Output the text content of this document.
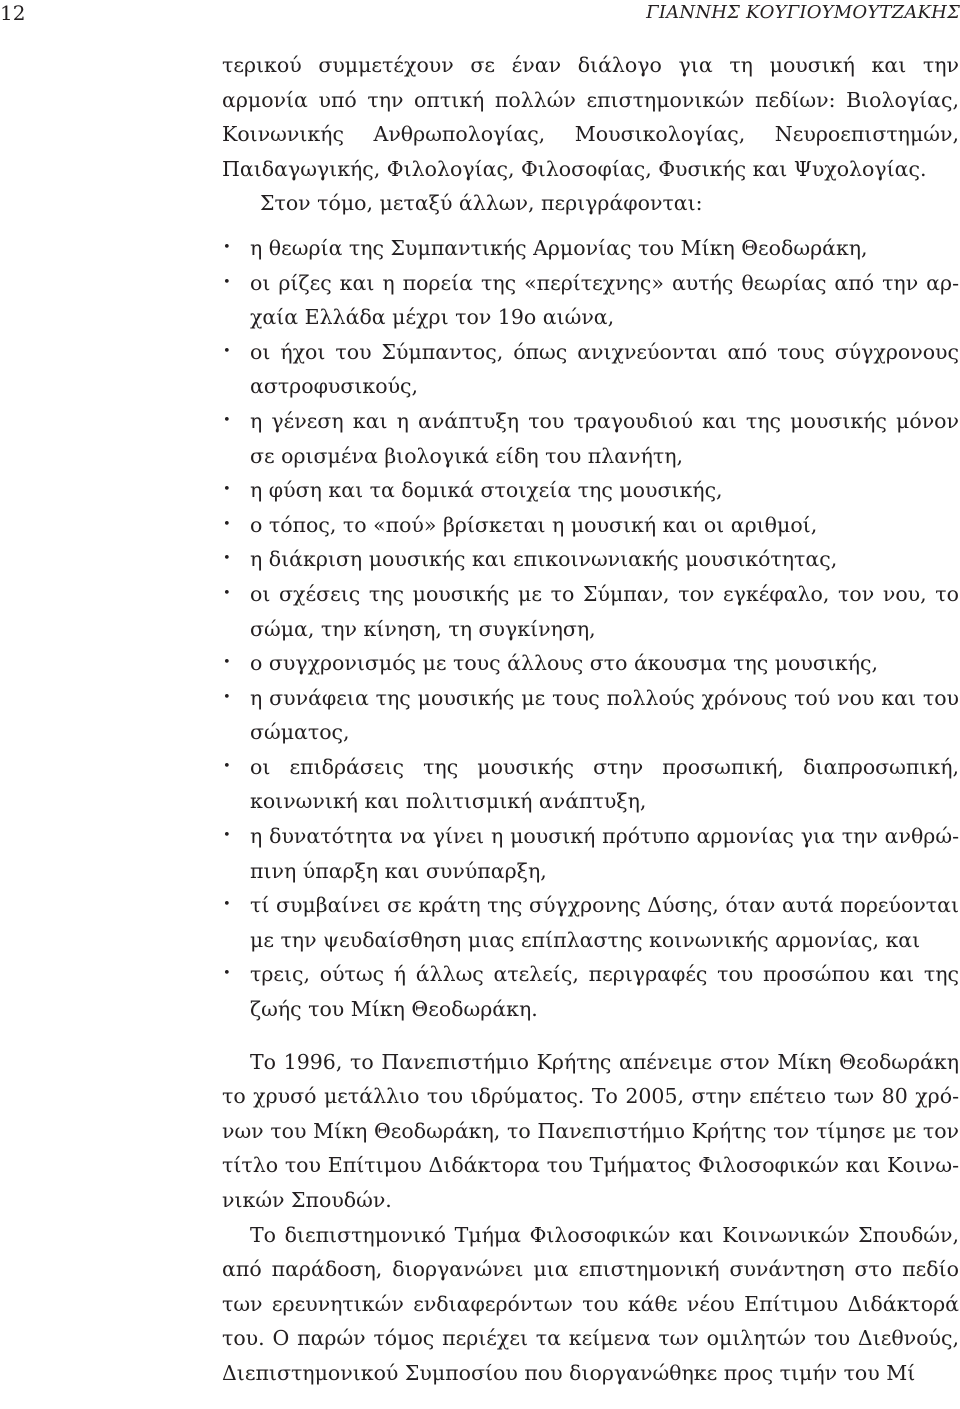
12	ΓΙΑΝΝΗΣ ΚΟΥΓΙΟΥΜΟΥΤΖΑΚΗΣ

τερικού συμμετέχουν σε έναν διάλογο για τη μουσική και την αρμονία υπό την οπτική πολλών επιστημονικών πεδίων: Βιολογίας, Κοινωνικής Ανθρωπολογίας, Μουσικολογίας, Νευροεπιστημών, Παιδαγωγικής, Φιλολογίας, Φιλοσοφίας, Φυσικής και Ψυχολογίας.
Στον τόμο, μεταξύ άλλων, περιγράφονται:

• η θεωρία της Συμπαντικής Αρμονίας του Μίκη Θεοδωράκη,
• οι ρίζες και η πορεία της «περίτεχνης» αυτής θεωρίας από την αρχαία Ελλάδα μέχρι τον 19ο αιώνα,
• οι ήχοι του Σύμπαντος, όπως ανιχνεύονται από τους σύγχρονους αστροφυσικούς,
• η γένεση και η ανάπτυξη του τραγουδιού και της μουσικής μόνον σε ορισμένα βιολογικά είδη του πλανήτη,
• η φύση και τα δομικά στοιχεία της μουσικής,
• ο τόπος, το «πού» βρίσκεται η μουσική και οι αριθμοί,
• η διάκριση μουσικής και επικοινωνιακής μουσικότητας,
• οι σχέσεις της μουσικής με το Σύμπαν, τον εγκέφαλο, τον νου, το σώμα, την κίνηση, τη συγκίνηση,
• ο συγχρονισμός με τους άλλους στο άκουσμα της μουσικής,
• η συνάφεια της μουσικής με τους πολλούς χρόνους τού νου και του σώματος,
• οι επιδράσεις της μουσικής στην προσωπική, διαπροσωπική, κοινωνική και πολιτισμική ανάπτυξη,
• η δυνατότητα να γίνει η μουσική πρότυπο αρμονίας για την ανθρώπινη ύπαρξη και συνύπαρξη,
• τί συμβαίνει σε κράτη της σύγχρονης Δύσης, όταν αυτά πορεύονται με την ψευδαίσθηση μιας επίπλαστης κοινωνικής αρμονίας, και
• τρεις, ούτως ή άλλως ατελείς, περιγραφές του προσώπου και της ζωής του Μίκη Θεοδωράκη.

Το 1996, το Πανεπιστήμιο Κρήτης απένειμε στον Μίκη Θεοδωράκη το χρυσό μετάλλιο του ιδρύματος. Το 2005, στην επέτειο των 80 χρόνων του Μίκη Θεοδωράκη, το Πανεπιστήμιο Κρήτης τον τίμησε με τον τίτλο του Επίτιμου Διδάκτορα του Τμήματος Φιλοσοφικών και Κοινωνικών Σπουδών.

Το διεπιστημονικό Τμήμα Φιλοσοφικών και Κοινωνικών Σπουδών, από παράδοση, διοργανώνει μια επιστημονική συνάντηση στο πεδίο των ερευνητικών ενδιαφερόντων του κάθε νέου Επίτιμου Διδάκτορά του. Ο παρών τόμος περιέχει τα κείμενα των ομιλητών του Διεθνούς, Διεπιστημονικού Συμποσίου που διοργανώθηκε προς τιμήν του Μί
